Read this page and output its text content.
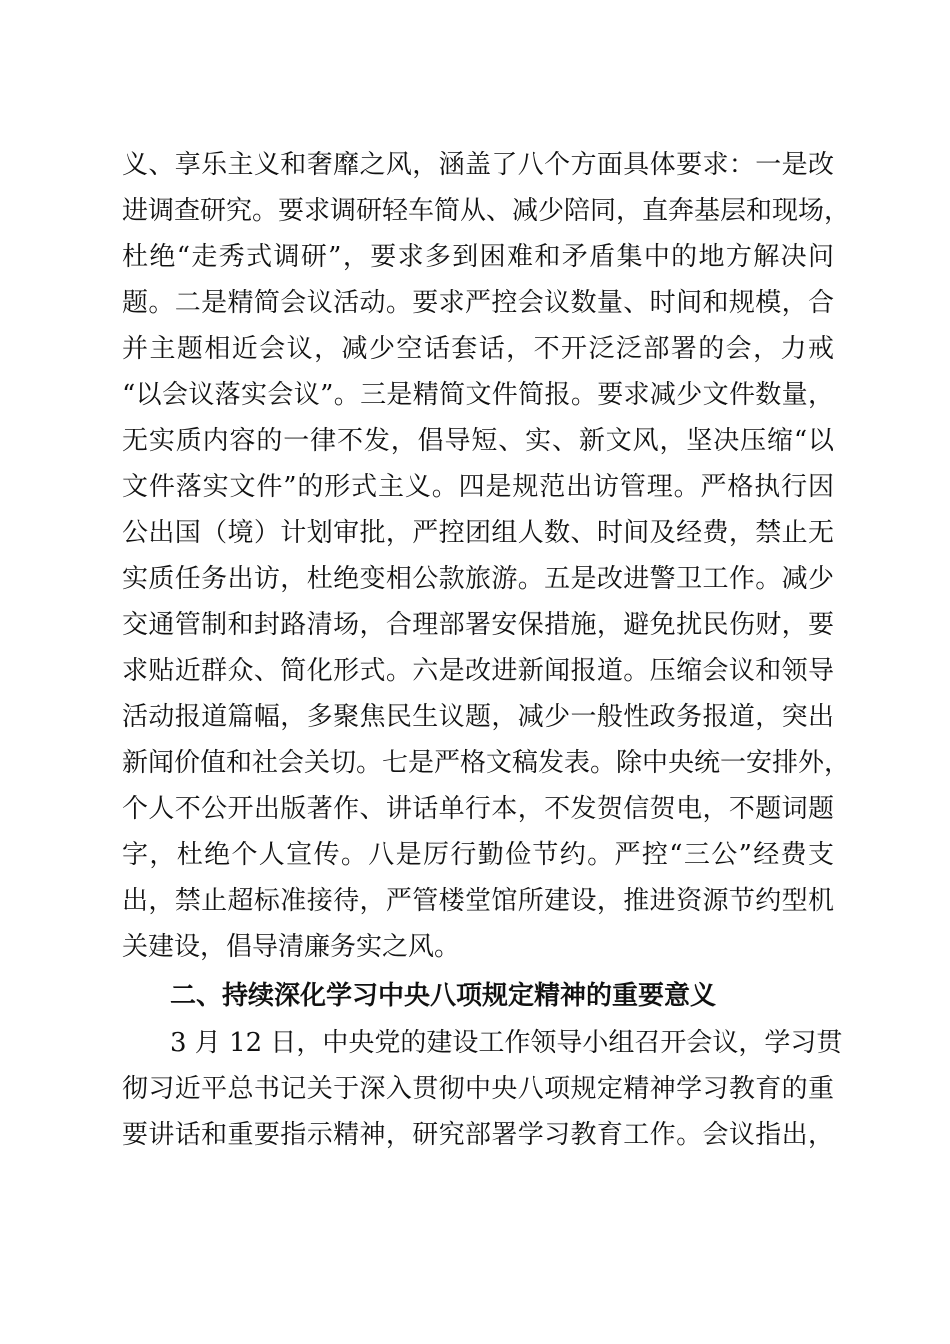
义、享乐主义和奢靡之风，涵盖了八个方面具体要求：一是改
进调查研究。要求调研轻车简从、减少陪同，直奔基层和现场，
杜绝“走秀式调研”，要求多到困难和矛盾集中的地方解决问
题。二是精简会议活动。要求严控会议数量、时间和规模，合
并主题相近会议，减少空话套话，不开泛泛部署的会，力戒
“以会议落实会议”。三是精简文件简报。要求减少文件数量，
无实质内容的一律不发，倡导短、实、新文风，坚决压缩“以
文件落实文件”的形式主义。四是规范出访管理。严格执行因
公出国（境）计划审批，严控团组人数、时间及经费，禁止无
实质任务出访，杜绝变相公款旅游。五是改进警卫工作。减少
交通管制和封路清场，合理部署安保措施，避免扰民伤财，要
求贴近群众、简化形式。六是改进新闻报道。压缩会议和领导
活动报道篇幅，多聚焦民生议题，减少一般性政务报道，突出
新闻价值和社会关切。七是严格文稿发表。除中央统一安排外，
个人不公开出版著作、讲话单行本，不发贺信贺电，不题词题
字，杜绝个人宣传。八是厉行勤俭节约。严控“三公”经费支
出，禁止超标准接待，严管楼堂馆所建设，推进资源节约型机
关建设，倡导清廉务实之风。
二、持续深化学习中央八项规定精神的重要意义
3 月 12 日，中央党的建设工作领导小组召开会议，学习贯
彻习近平总书记关于深入贯彻中央八项规定精神学习教育的重
要讲话和重要指示精神，研究部署学习教育工作。会议指出，
